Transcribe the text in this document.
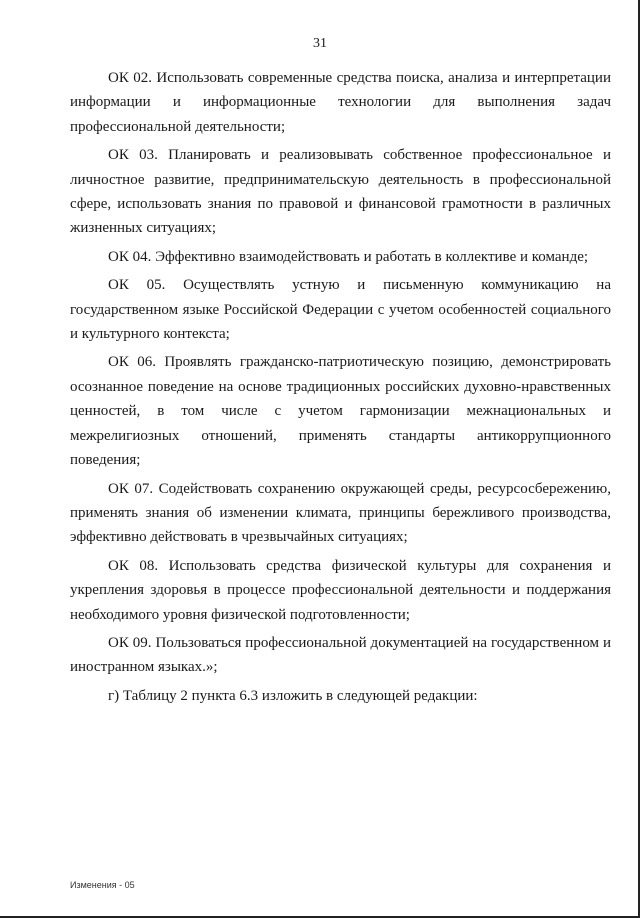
31

ОК 02. Использовать современные средства поиска, анализа и интерпретации информации и информационные технологии для выполнения задач профессиональной деятельности;

ОК 03. Планировать и реализовывать собственное профессиональное и личностное развитие, предпринимательскую деятельность в профессиональной сфере, использовать знания по правовой и финансовой грамотности в различных жизненных ситуациях;

ОК 04. Эффективно взаимодействовать и работать в коллективе и команде;

ОК 05. Осуществлять устную и письменную коммуникацию на государственном языке Российской Федерации с учетом особенностей социального и культурного контекста;

ОК 06. Проявлять гражданско-патриотическую позицию, демонстрировать осознанное поведение на основе традиционных российских духовно-нравственных ценностей, в том числе с учетом гармонизации межнациональных и межрелигиозных отношений, применять стандарты антикоррупционного поведения;

ОК 07. Содействовать сохранению окружающей среды, ресурсосбережению, применять знания об изменении климата, принципы бережливого производства, эффективно действовать в чрезвычайных ситуациях;

ОК 08. Использовать средства физической культуры для сохранения и укрепления здоровья в процессе профессиональной деятельности и поддержания необходимого уровня физической подготовленности;

ОК 09. Пользоваться профессиональной документацией на государственном и иностранном языках.»;

г) Таблицу 2 пункта 6.3 изложить в следующей редакции:

Изменения - 05
